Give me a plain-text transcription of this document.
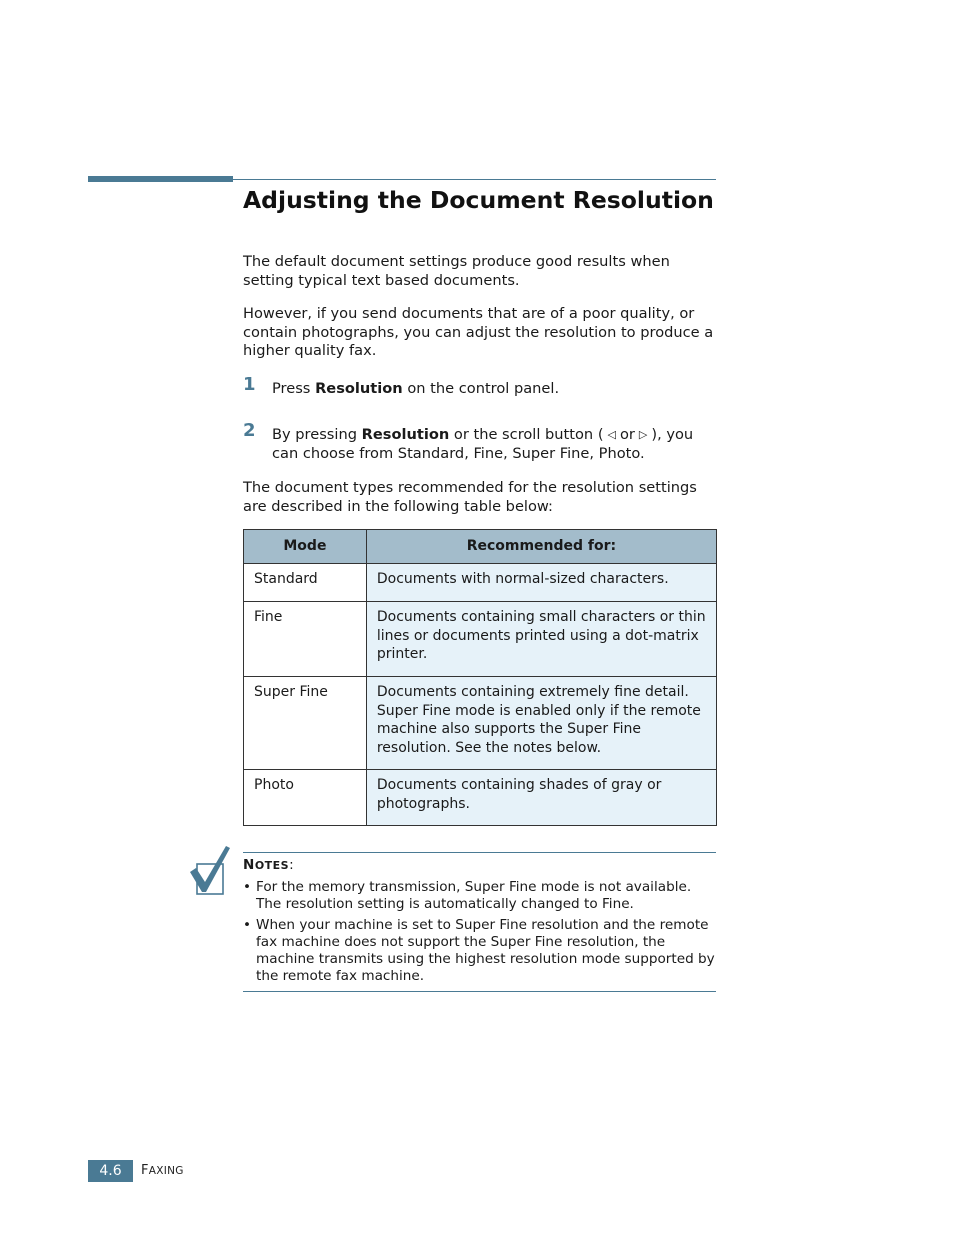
Adjusting the Document Resolution

The default document settings produce good results when setting typical text based documents.

However, if you send documents that are of a poor quality, or contain photographs, you can adjust the resolution to produce a higher quality fax.

1 Press Resolution on the control panel.
2 By pressing Resolution or the scroll button ( ◁ or ▷ ), you can choose from Standard, Fine, Super Fine, Photo.

The document types recommended for the resolution settings are described in the following table below:

Mode	Recommended for:
Standard	Documents with normal-sized characters.
Fine	Documents containing small characters or thin lines or documents printed using a dot-matrix printer.
Super Fine	Documents containing extremely fine detail. Super Fine mode is enabled only if the remote machine also supports the Super Fine resolution. See the notes below.
Photo	Documents containing shades of gray or photographs.
NOTES:
• For the memory transmission, Super Fine mode is not available. The resolution setting is automatically changed to Fine.
• When your machine is set to Super Fine resolution and the remote fax machine does not support the Super Fine resolution, the machine transmits using the highest resolution mode supported by the remote fax machine.
4.6	FAXING
